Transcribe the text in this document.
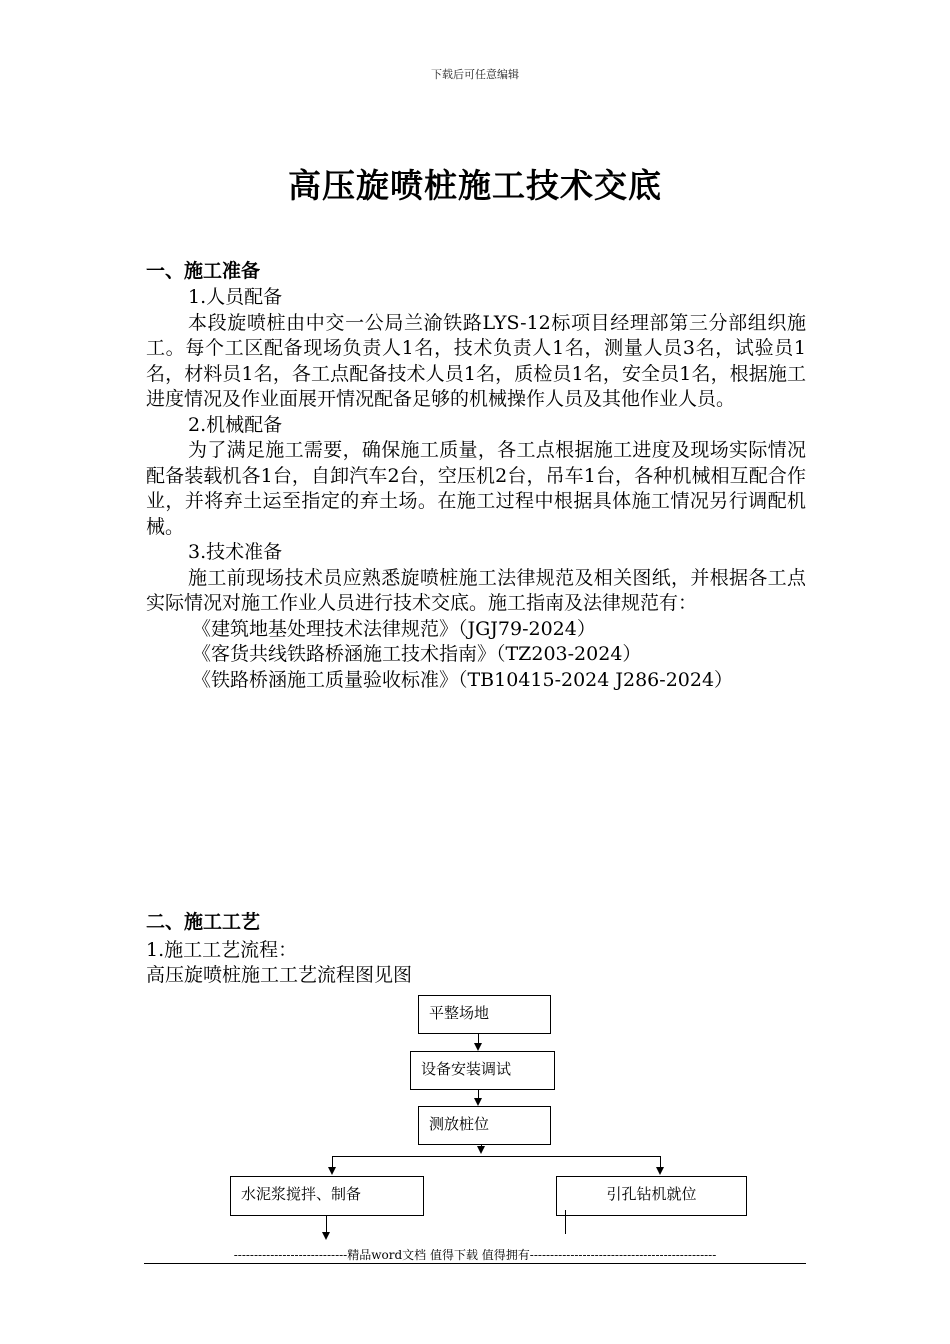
下载后可任意编辑
高压旋喷桩施工技术交底
一、施工准备

1.人员配备

本段旋喷桩由中交一公局兰渝铁路LYS-12标项目经理部第三分部组织施工。每个工区配备现场负责人1名，技术负责人1名，测量人员3名，试验员1名，材料员1名，各工点配备技术人员1名，质检员1名，安全员1名，根据施工进度情况及作业面展开情况配备足够的机械操作人员及其他作业人员。

2.机械配备

为了满足施工需要，确保施工质量，各工点根据施工进度及现场实际情况配备装载机各1台，自卸汽车2台，空压机2台，吊车1台，各种机械相互配合作业，并将弃土运至指定的弃土场。在施工过程中根据具体施工情况另行调配机械。

3.技术准备

施工前现场技术员应熟悉旋喷桩施工法律规范及相关图纸，并根据各工点实际情况对施工作业人员进行技术交底。施工指南及法律规范有：

《建筑地基处理技术法律规范》（JGJ79-2024）

《客货共线铁路桥涵施工技术指南》（TZ203-2024）

《铁路桥涵施工质量验收标准》（TB10415-2024 J286-2024）

二、施工工艺
1.施工工艺流程：
高压旋喷桩施工工艺流程图见图
平整场地
设备安装调试
测放桩位
水泥浆搅拌、制备	引孔钻机就位
----------------------------精品word文档 值得下载 值得拥有----------------------------------------------
